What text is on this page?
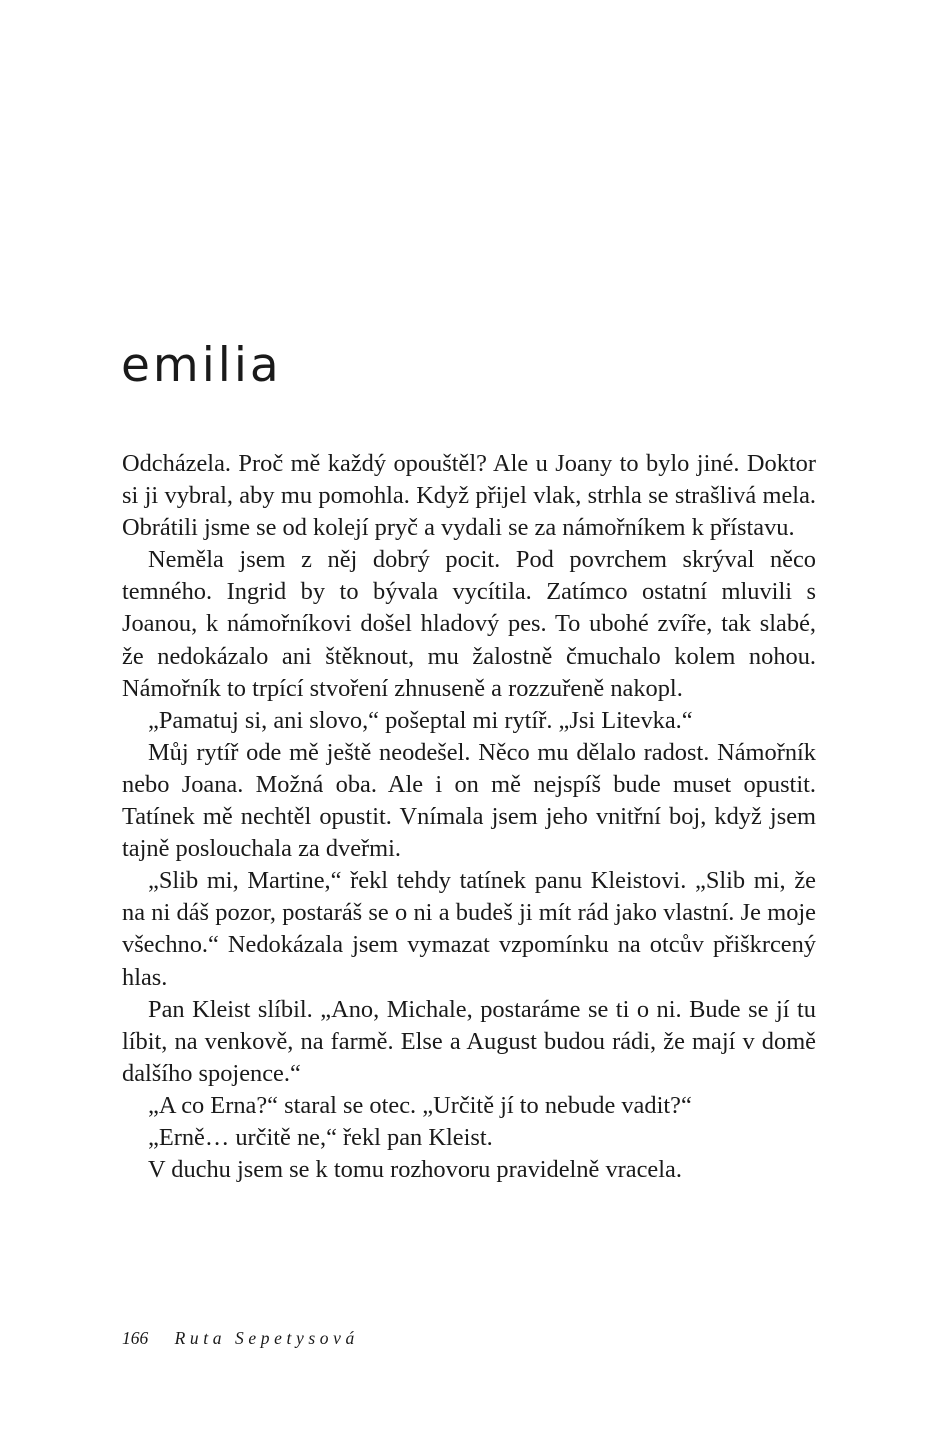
emilia

Odcházela. Proč mě každý opouštěl? Ale u Joany to bylo jiné. Doktor si ji vybral, aby mu pomohla. Když přijel vlak, strhla se strašlivá mela. Obrátili jsme se od kolejí pryč a vydali se za námořníkem k přístavu.

Neměla jsem z něj dobrý pocit. Pod povrchem skrýval něco temného. Ingrid by to bývala vycítila. Zatímco ostatní mluvili s Joanou, k námořníkovi došel hladový pes. To ubohé zvíře, tak slabé, že nedokázalo ani štěknout, mu žalostně čmuchalo kolem nohou. Námořník to trpící stvoření zhnuseně a rozzuřeně nakopl.

„Pamatuj si, ani slovo,“ pošeptal mi rytíř. „Jsi Litevka.“

Můj rytíř ode mě ještě neodešel. Něco mu dělalo radost. Námořník nebo Joana. Možná oba. Ale i on mě nejspíš bude muset opustit. Tatínek mě nechtěl opustit. Vnímala jsem jeho vnitřní boj, když jsem tajně poslouchala za dveřmi.

„Slib mi, Martine,“ řekl tehdy tatínek panu Kleistovi. „Slib mi, že na ni dáš pozor, postaráš se o ni a budeš ji mít rád jako vlastní. Je moje všechno.“ Nedokázala jsem vymazat vzpomínku na otcův přiškrcený hlas.

Pan Kleist slíbil. „Ano, Michale, postaráme se ti o ni. Bude se jí tu líbit, na venkově, na farmě. Else a August budou rádi, že mají v domě dalšího spojence.“

„A co Erna?“ staral se otec. „Určitě jí to nebude vadit?“

„Erně… určitě ne,“ řekl pan Kleist.

V duchu jsem se k tomu rozhovoru pravidelně vracela.

166 Ruta Sepetysová
